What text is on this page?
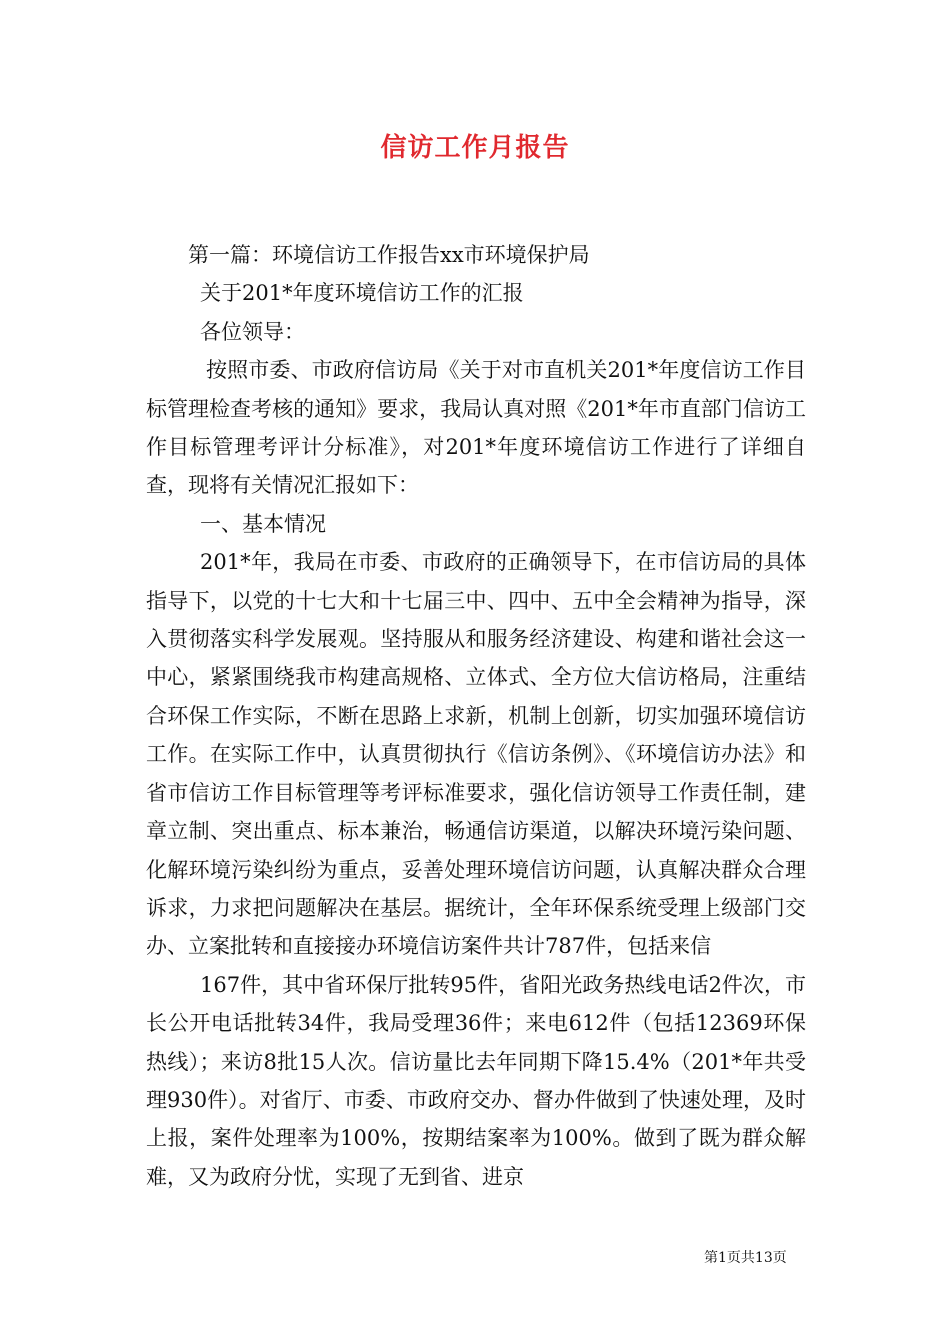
信访工作月报告

第一篇：环境信访工作报告xx市环境保护局

关于201*年度环境信访工作的汇报

各位领导：

按照市委、市政府信访局《关于对市直机关201*年度信访工作目标管理检查考核的通知》要求，我局认真对照《201*年市直部门信访工作目标管理考评计分标准》，对201*年度环境信访工作进行了详细自查，现将有关情况汇报如下：

一、基本情况

201*年，我局在市委、市政府的正确领导下，在市信访局的具体指导下，以党的十七大和十七届三中、四中、五中全会精神为指导，深入贯彻落实科学发展观。坚持服从和服务经济建设、构建和谐社会这一中心，紧紧围绕我市构建高规格、立体式、全方位大信访格局，注重结合环保工作实际，不断在思路上求新，机制上创新，切实加强环境信访工作。在实际工作中，认真贯彻执行《信访条例》、《环境信访办法》和省市信访工作目标管理等考评标准要求，强化信访领导工作责任制，建章立制、突出重点、标本兼治，畅通信访渠道，以解决环境污染问题、化解环境污染纠纷为重点，妥善处理环境信访问题，认真解决群众合理诉求，力求把问题解决在基层。据统计，全年环保系统受理上级部门交办、立案批转和直接接办环境信访案件共计787件，包括来信

167件，其中省环保厅批转95件，省阳光政务热线电话2件次，市长公开电话批转34件，我局受理36件；来电612件（包括12369环保热线）；来访8批15人次。信访量比去年同期下降15.4%（201*年共受理930件）。对省厅、市委、市政府交办、督办件做到了快速处理，及时上报，案件处理率为100%，按期结案率为100%。做到了既为群众解难，又为政府分忧，实现了无到省、进京

第1页共13页
